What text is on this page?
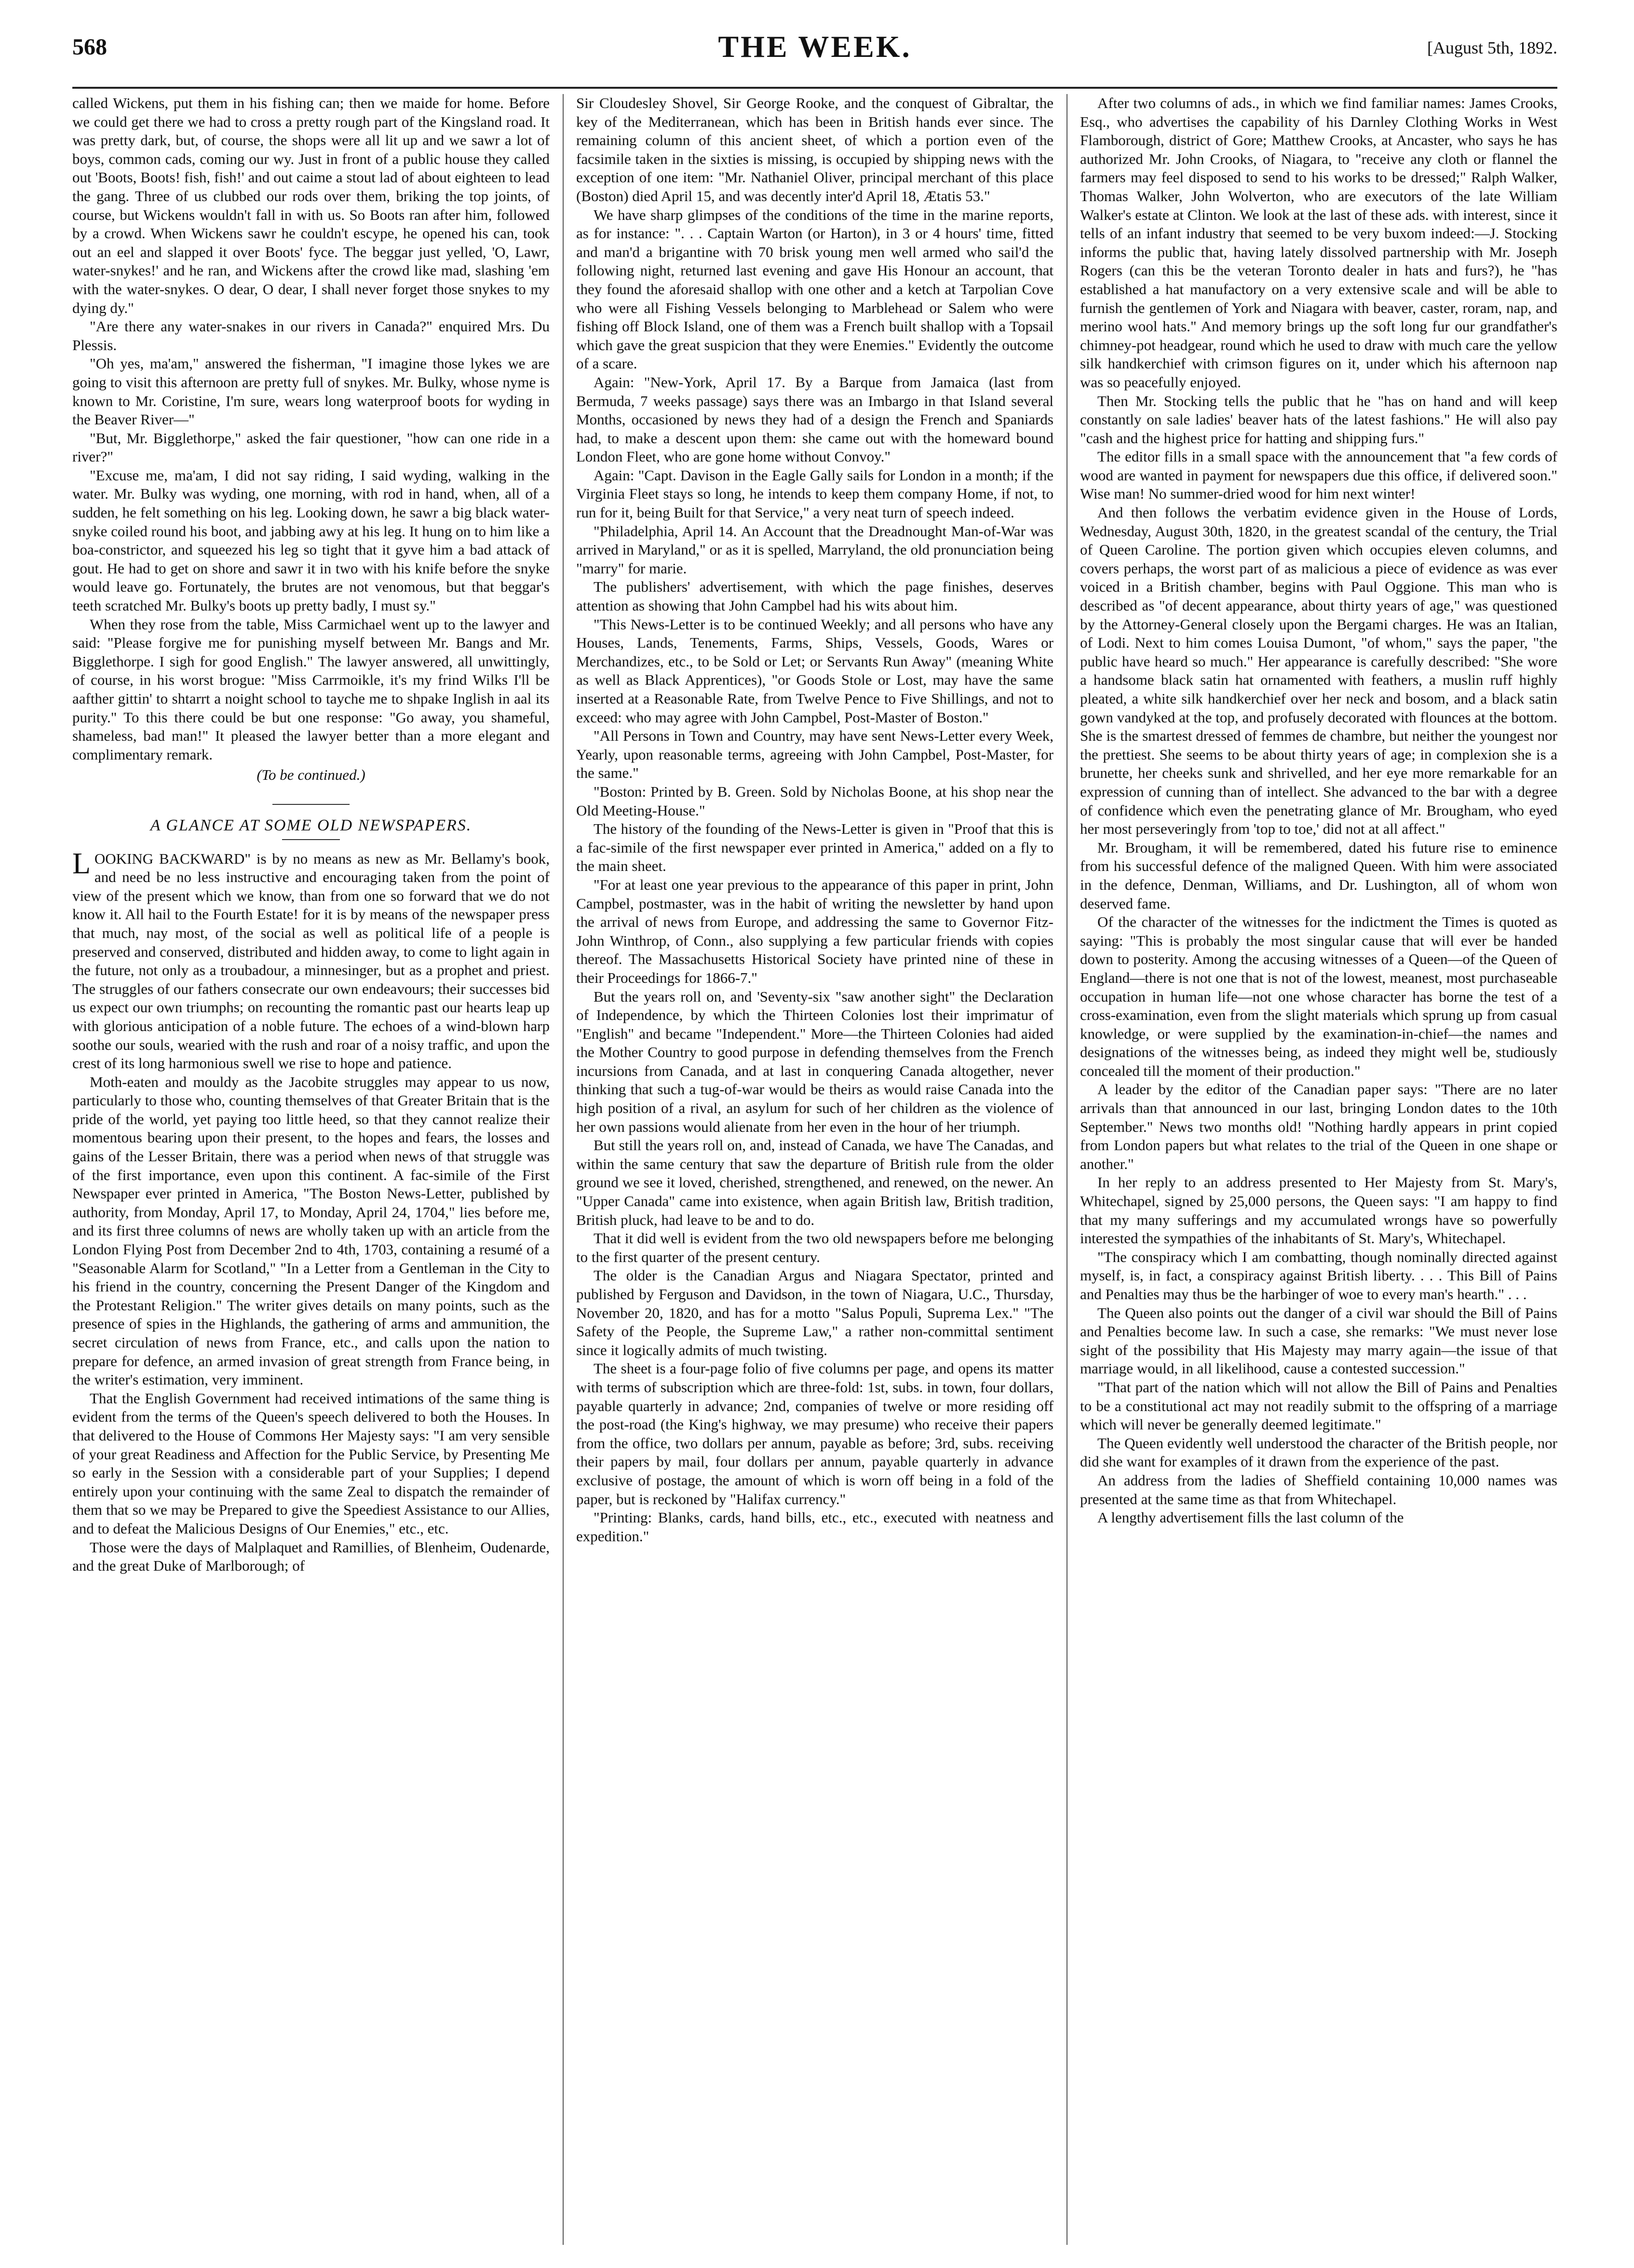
568	THE WEEK.	[August 5th, 1892.

called Wickens, put them in his fishing can; then we maide for home. Before we could get there we had to cross a pretty rough part of the Kingsland road. It was pretty dark, but, of course, the shops were all lit up and we sawr a lot of boys, common cads, coming our wy. Just in front of a public house they called out 'Boots, Boots! fish, fish!' and out caime a stout lad of about eighteen to lead the gang. Three of us clubbed our rods over them, briking the top joints, of course, but Wickens wouldn't fall in with us. So Boots ran after him, followed by a crowd. When Wickens sawr he couldn't escype, he opened his can, took out an eel and slapped it over Boots' fyce. The beggar just yelled, 'O, Lawr, water-snykes!' and he ran, and Wickens after the crowd like mad, slashing 'em with the water-snykes. O dear, O dear, I shall never forget those snykes to my dying dy."

"Are there any water-snakes in our rivers in Canada?" enquired Mrs. Du Plessis.

"Oh yes, ma'am," answered the fisherman, "I imagine those lykes we are going to visit this afternoon are pretty full of snykes. Mr. Bulky, whose nyme is known to Mr. Coristine, I'm sure, wears long waterproof boots for wyding in the Beaver River—"

"But, Mr. Bigglethorpe," asked the fair questioner, "how can one ride in a river?"

"Excuse me, ma'am, I did not say riding, I said wyding, walking in the water. Mr. Bulky was wyding, one morning, with rod in hand, when, all of a sudden, he felt something on his leg. Looking down, he sawr a big black water-snyke coiled round his boot, and jabbing awy at his leg. It hung on to him like a boa-constrictor, and squeezed his leg so tight that it gyve him a bad attack of gout. He had to get on shore and sawr it in two with his knife before the snyke would leave go. Fortunately, the brutes are not venomous, but that beggar's teeth scratched Mr. Bulky's boots up pretty badly, I must sy."

When they rose from the table, Miss Carmichael went up to the lawyer and said: "Please forgive me for punishing myself between Mr. Bangs and Mr. Bigglethorpe. I sigh for good English." The lawyer answered, all unwittingly, of course, in his worst brogue: "Miss Carrmoikle, it's my frind Wilks I'll be aafther gittin' to shtarrt a noight school to tayche me to shpake Inglish in aal its purity." To this there could be but one response: "Go away, you shameful, shameless, bad man!" It pleased the lawyer better than a more elegant and complimentary remark.

(To be continued.)

A GLANCE AT SOME OLD NEWSPAPERS.

LOOKING BACKWARD" is by no means as new as Mr. Bellamy's book, and need be no less instructive and encouraging taken from the point of view of the present which we know, than from one so forward that we do not know it. All hail to the Fourth Estate! for it is by means of the newspaper press that much, nay most, of the social as well as political life of a people is preserved and conserved, distributed and hidden away, to come to light again in the future, not only as a troubadour, a minnesinger, but as a prophet and priest. The struggles of our fathers consecrate our own endeavours; their successes bid us expect our own triumphs; on recounting the romantic past our hearts leap up with glorious anticipation of a noble future. The echoes of a wind-blown harp soothe our souls, wearied with the rush and roar of a noisy traffic, and upon the crest of its long harmonious swell we rise to hope and patience.

Moth-eaten and mouldy as the Jacobite struggles may appear to us now, particularly to those who, counting themselves of that Greater Britain that is the pride of the world, yet paying too little heed, so that they cannot realize their momentous bearing upon their present, to the hopes and fears, the losses and gains of the Lesser Britain, there was a period when news of that struggle was of the first importance, even upon this continent. A fac-simile of the First Newspaper ever printed in America, "The Boston News-Letter, published by authority, from Monday, April 17, to Monday, April 24, 1704," lies before me, and its first three columns of news are wholly taken up with an article from the London Flying Post from December 2nd to 4th, 1703, containing a resumé of a "Seasonable Alarm for Scotland," "In a Letter from a Gentleman in the City to his friend in the country, concerning the Present Danger of the Kingdom and the Protestant Religion." The writer gives details on many points, such as the presence of spies in the Highlands, the gathering of arms and ammunition, the secret circulation of news from France, etc., and calls upon the nation to prepare for defence, an armed invasion of great strength from France being, in the writer's estimation, very imminent.

That the English Government had received intimations of the same thing is evident from the terms of the Queen's speech delivered to both the Houses. In that delivered to the House of Commons Her Majesty says: "I am very sensible of your great Readiness and Affection for the Public Service, by Presenting Me so early in the Session with a considerable part of your Supplies; I depend entirely upon your continuing with the same Zeal to dispatch the remainder of them that so we may be Prepared to give the Speediest Assistance to our Allies, and to defeat the Malicious Designs of Our Enemies," etc., etc.

Those were the days of Malplaquet and Ramillies, of Blenheim, Oudenarde, and the great Duke of Marlborough; of

Sir Cloudesley Shovel, Sir George Rooke, and the conquest of Gibraltar, the key of the Mediterranean, which has been in British hands ever since. The remaining column of this ancient sheet, of which a portion even of the facsimile taken in the sixties is missing, is occupied by shipping news with the exception of one item: "Mr. Nathaniel Oliver, principal merchant of this place (Boston) died April 15, and was decently inter'd April 18, Ætatis 53."

We have sharp glimpses of the conditions of the time in the marine reports, as for instance: ". . . Captain Warton (or Harton), in 3 or 4 hours' time, fitted and man'd a brigantine with 70 brisk young men well armed who sail'd the following night, returned last evening and gave His Honour an account, that they found the aforesaid shallop with one other and a ketch at Tarpolian Cove who were all Fishing Vessels belonging to Marblehead or Salem who were fishing off Block Island, one of them was a French built shallop with a Topsail which gave the great suspicion that they were Enemies." Evidently the outcome of a scare.

Again: "New-York, April 17. By a Barque from Jamaica (last from Bermuda, 7 weeks passage) says there was an Imbargo in that Island several Months, occasioned by news they had of a design the French and Spaniards had, to make a descent upon them: she came out with the homeward bound London Fleet, who are gone home without Convoy."

Again: "Capt. Davison in the Eagle Gally sails for London in a month; if the Virginia Fleet stays so long, he intends to keep them company Home, if not, to run for it, being Built for that Service," a very neat turn of speech indeed.

"Philadelphia, April 14. An Account that the Dreadnought Man-of-War was arrived in Maryland," or as it is spelled, Marryland, the old pronunciation being "marry" for marie.

The publishers' advertisement, with which the page finishes, deserves attention as showing that John Campbel had his wits about him.

"This News-Letter is to be continued Weekly; and all persons who have any Houses, Lands, Tenements, Farms, Ships, Vessels, Goods, Wares or Merchandizes, etc., to be Sold or Let; or Servants Run Away" (meaning White as well as Black Apprentices), "or Goods Stole or Lost, may have the same inserted at a Reasonable Rate, from Twelve Pence to Five Shillings, and not to exceed: who may agree with John Campbel, Post-Master of Boston."

"All Persons in Town and Country, may have sent News-Letter every Week, Yearly, upon reasonable terms, agreeing with John Campbel, Post-Master, for the same."

"Boston: Printed by B. Green. Sold by Nicholas Boone, at his shop near the Old Meeting-House."

The history of the founding of the News-Letter is given in "Proof that this is a fac-simile of the first newspaper ever printed in America," added on a fly to the main sheet.

"For at least one year previous to the appearance of this paper in print, John Campbel, postmaster, was in the habit of writing the newsletter by hand upon the arrival of news from Europe, and addressing the same to Governor Fitz-John Winthrop, of Conn., also supplying a few particular friends with copies thereof. The Massachusetts Historical Society have printed nine of these in their Proceedings for 1866-7."

But the years roll on, and 'Seventy-six "saw another sight" the Declaration of Independence, by which the Thirteen Colonies lost their imprimatur of "English" and became "Independent." More—the Thirteen Colonies had aided the Mother Country to good purpose in defending themselves from the French incursions from Canada, and at last in conquering Canada altogether, never thinking that such a tug-of-war would be theirs as would raise Canada into the high position of a rival, an asylum for such of her children as the violence of her own passions would alienate from her even in the hour of her triumph.

But still the years roll on, and, instead of Canada, we have The Canadas, and within the same century that saw the departure of British rule from the older ground we see it loved, cherished, strengthened, and renewed, on the newer. An "Upper Canada" came into existence, when again British law, British tradition, British pluck, had leave to be and to do.

That it did well is evident from the two old newspapers before me belonging to the first quarter of the present century.

The older is the Canadian Argus and Niagara Spectator, printed and published by Ferguson and Davidson, in the town of Niagara, U.C., Thursday, November 20, 1820, and has for a motto "Salus Populi, Suprema Lex." "The Safety of the People, the Supreme Law," a rather non-committal sentiment since it logically admits of much twisting.

The sheet is a four-page folio of five columns per page, and opens its matter with terms of subscription which are three-fold: 1st, subs. in town, four dollars, payable quarterly in advance; 2nd, companies of twelve or more residing off the post-road (the King's highway, we may presume) who receive their papers from the office, two dollars per annum, payable as before; 3rd, subs. receiving their papers by mail, four dollars per annum, payable quarterly in advance exclusive of postage, the amount of which is worn off being in a fold of the paper, but is reckoned by "Halifax currency."

"Printing: Blanks, cards, hand bills, etc., etc., executed with neatness and expedition."

After two columns of ads., in which we find familiar names: James Crooks, Esq., who advertises the capability of his Darnley Clothing Works in West Flamborough, district of Gore; Matthew Crooks, at Ancaster, who says he has authorized Mr. John Crooks, of Niagara, to "receive any cloth or flannel the farmers may feel disposed to send to his works to be dressed;" Ralph Walker, Thomas Walker, John Wolverton, who are executors of the late William Walker's estate at Clinton. We look at the last of these ads. with interest, since it tells of an infant industry that seemed to be very buxom indeed:—J. Stocking informs the public that, having lately dissolved partnership with Mr. Joseph Rogers (can this be the veteran Toronto dealer in hats and furs?), he "has established a hat manufactory on a very extensive scale and will be able to furnish the gentlemen of York and Niagara with beaver, caster, roram, nap, and merino wool hats." And memory brings up the soft long fur our grandfather's chimney-pot headgear, round which he used to draw with much care the yellow silk handkerchief with crimson figures on it, under which his afternoon nap was so peacefully enjoyed.

Then Mr. Stocking tells the public that he "has on hand and will keep constantly on sale ladies' beaver hats of the latest fashions." He will also pay "cash and the highest price for hatting and shipping furs."

The editor fills in a small space with the announcement that "a few cords of wood are wanted in payment for newspapers due this office, if delivered soon." Wise man! No summer-dried wood for him next winter!

And then follows the verbatim evidence given in the House of Lords, Wednesday, August 30th, 1820, in the greatest scandal of the century, the Trial of Queen Caroline. The portion given which occupies eleven columns, and covers perhaps, the worst part of as malicious a piece of evidence as was ever voiced in a British chamber, begins with Paul Oggione. This man who is described as "of decent appearance, about thirty years of age," was questioned by the Attorney-General closely upon the Bergami charges. He was an Italian, of Lodi. Next to him comes Louisa Dumont, "of whom," says the paper, "the public have heard so much." Her appearance is carefully described: "She wore a handsome black satin hat ornamented with feathers, a muslin ruff highly pleated, a white silk handkerchief over her neck and bosom, and a black satin gown vandyked at the top, and profusely decorated with flounces at the bottom. She is the smartest dressed of femmes de chambre, but neither the youngest nor the prettiest. She seems to be about thirty years of age; in complexion she is a brunette, her cheeks sunk and shrivelled, and her eye more remarkable for an expression of cunning than of intellect. She advanced to the bar with a degree of confidence which even the penetrating glance of Mr. Brougham, who eyed her most perseveringly from 'top to toe,' did not at all affect."

Mr. Brougham, it will be remembered, dated his future rise to eminence from his successful defence of the maligned Queen. With him were associated in the defence, Denman, Williams, and Dr. Lushington, all of whom won deserved fame.

Of the character of the witnesses for the indictment the Times is quoted as saying: "This is probably the most singular cause that will ever be handed down to posterity. Among the accusing witnesses of a Queen—of the Queen of England—there is not one that is not of the lowest, meanest, most purchaseable occupation in human life—not one whose character has borne the test of a cross-examination, even from the slight materials which sprung up from casual knowledge, or were supplied by the examination-in-chief—the names and designations of the witnesses being, as indeed they might well be, studiously concealed till the moment of their production."

A leader by the editor of the Canadian paper says: "There are no later arrivals than that announced in our last, bringing London dates to the 10th September." News two months old! "Nothing hardly appears in print copied from London papers but what relates to the trial of the Queen in one shape or another."

In her reply to an address presented to Her Majesty from St. Mary's, Whitechapel, signed by 25,000 persons, the Queen says: "I am happy to find that my many sufferings and my accumulated wrongs have so powerfully interested the sympathies of the inhabitants of St. Mary's, Whitechapel.

"The conspiracy which I am combatting, though nominally directed against myself, is, in fact, a conspiracy against British liberty. . . . This Bill of Pains and Penalties may thus be the harbinger of woe to every man's hearth." . . .

The Queen also points out the danger of a civil war should the Bill of Pains and Penalties become law. In such a case, she remarks: "We must never lose sight of the possibility that His Majesty may marry again—the issue of that marriage would, in all likelihood, cause a contested succession."

"That part of the nation which will not allow the Bill of Pains and Penalties to be a constitutional act may not readily submit to the offspring of a marriage which will never be generally deemed legitimate."

The Queen evidently well understood the character of the British people, nor did she want for examples of it drawn from the experience of the past.

An address from the ladies of Sheffield containing 10,000 names was presented at the same time as that from Whitechapel.

A lengthy advertisement fills the last column of the
